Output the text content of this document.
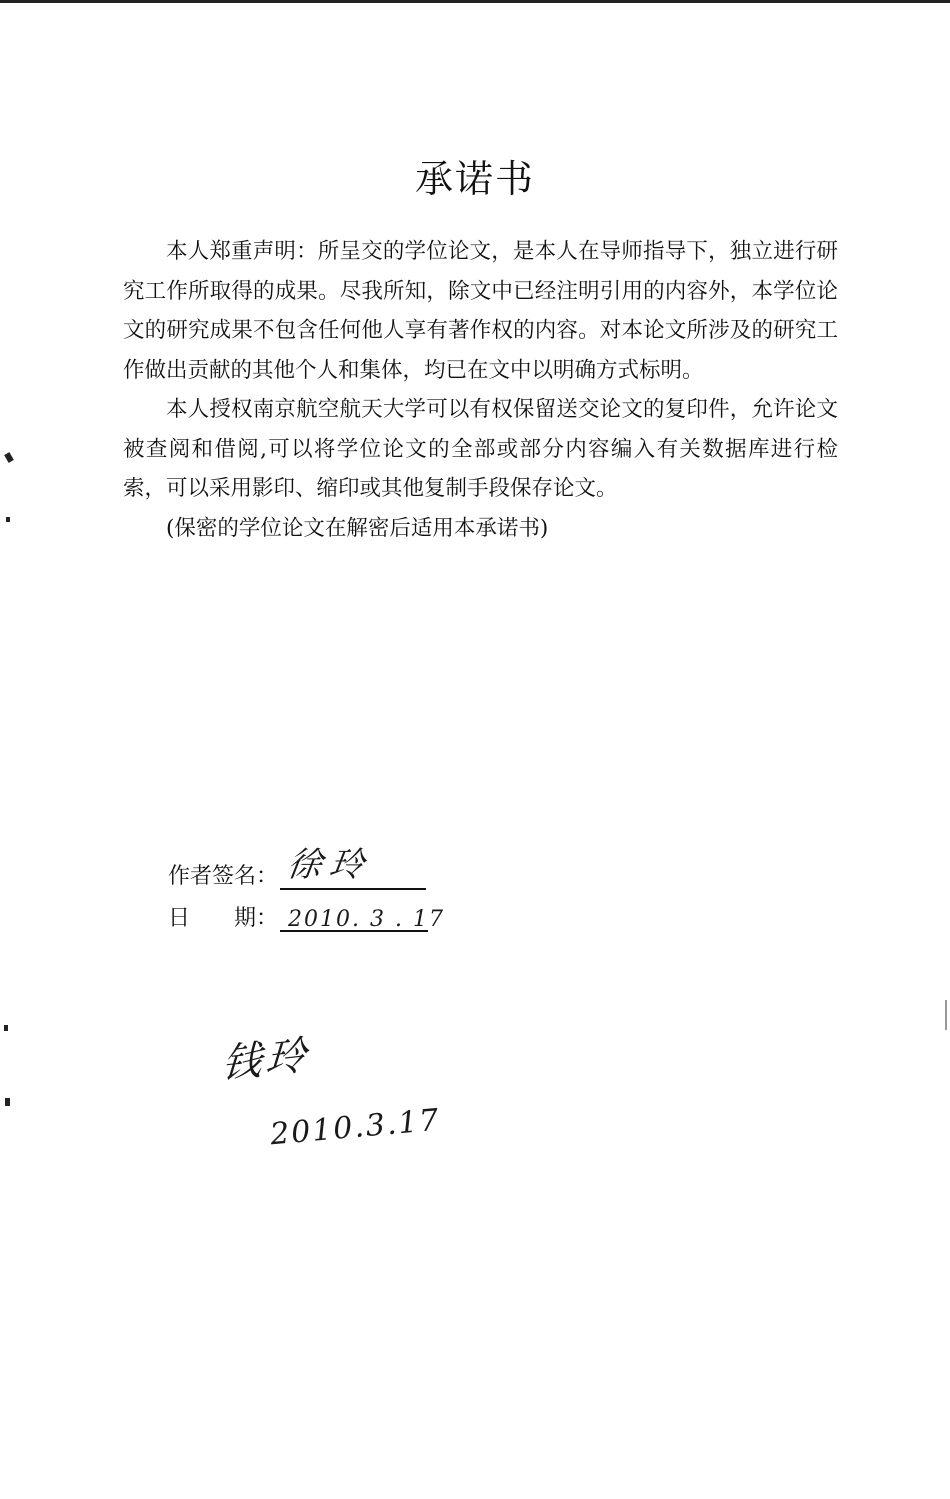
承诺书

本人郑重声明：所呈交的学位论文，是本人在导师指导下，独立进行研究工作所取得的成果。尽我所知，除文中已经注明引用的内容外，本学位论文的研究成果不包含任何他人享有著作权的内容。对本论文所涉及的研究工作做出贡献的其他个人和集体，均已在文中以明确方式标明。

本人授权南京航空航天大学可以有权保留送交论文的复印件，允许论文被查阅和借阅,可以将学位论文的全部或部分内容编入有关数据库进行检索，可以采用影印、缩印或其他复制手段保存论文。

(保密的学位论文在解密后适用本承诺书)

作者签名： 徐玲
日　　期： 2010. 3 . 17
钱玲
2010.3.17
